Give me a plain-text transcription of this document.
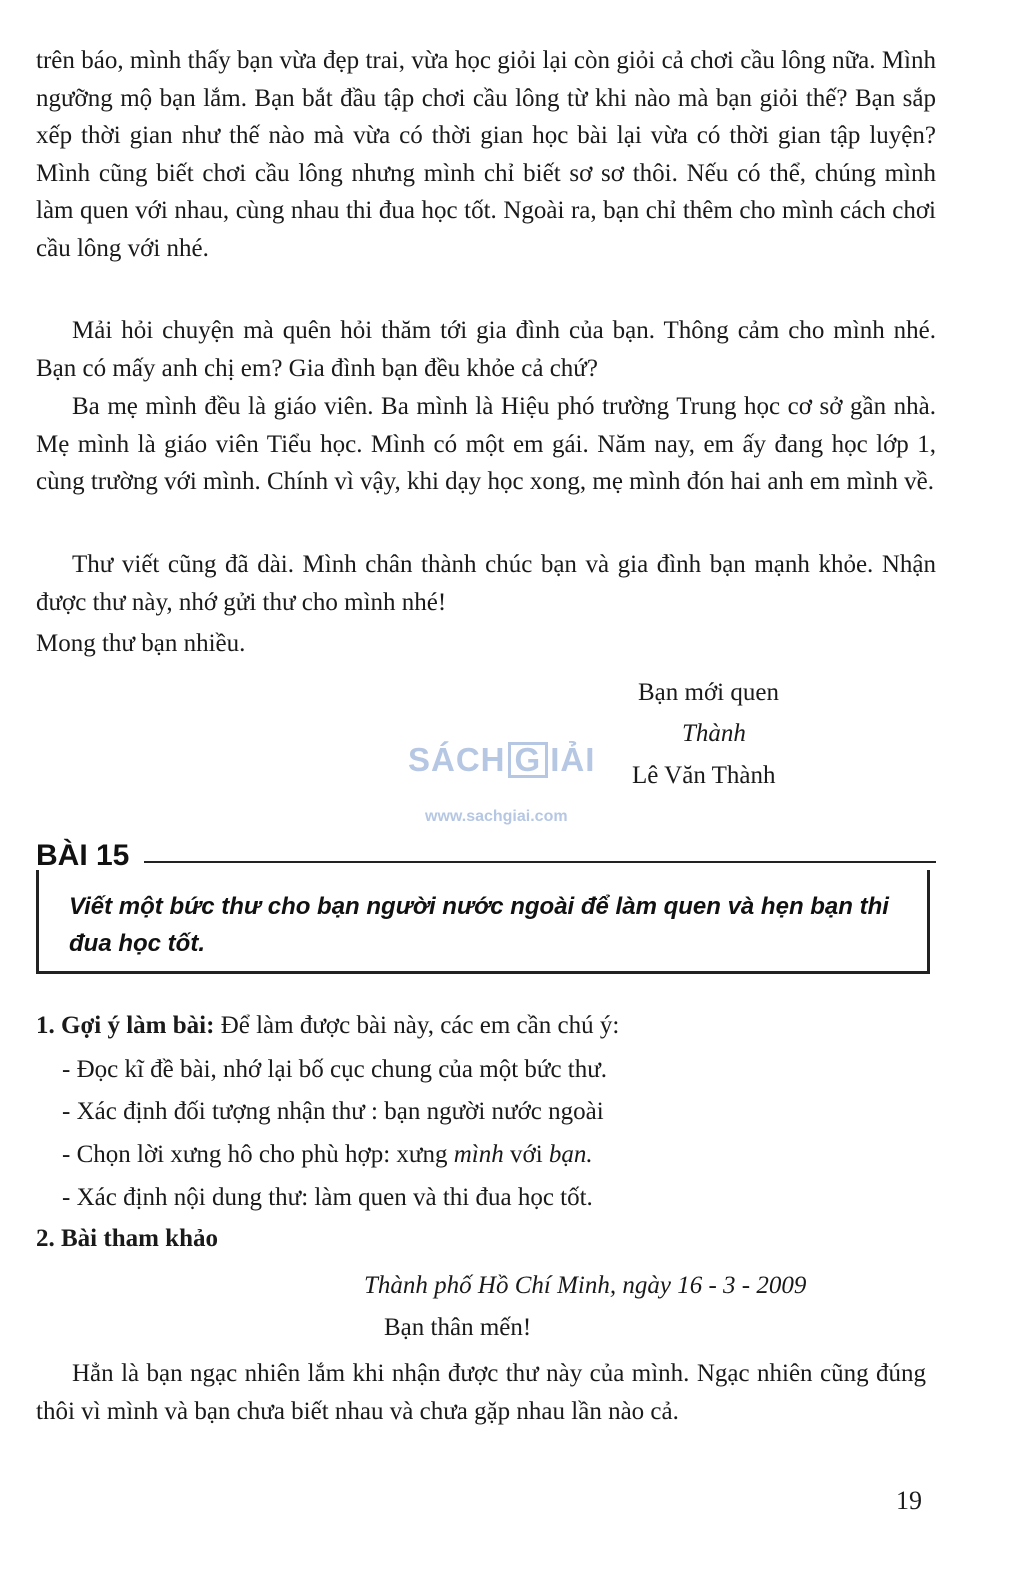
trên báo, mình thấy bạn vừa đẹp trai, vừa học giỏi lại còn giỏi cả chơi cầu lông nữa. Mình ngưỡng mộ bạn lắm. Bạn bắt đầu tập chơi cầu lông từ khi nào mà bạn giỏi thế? Bạn sắp xếp thời gian như thế nào mà vừa có thời gian học bài lại vừa có thời gian tập luyện? Mình cũng biết chơi cầu lông nhưng mình chỉ biết sơ sơ thôi. Nếu có thể, chúng mình làm quen với nhau, cùng nhau thi đua học tốt. Ngoài ra, bạn chỉ thêm cho mình cách chơi cầu lông với nhé.

Mải hỏi chuyện mà quên hỏi thăm tới gia đình của bạn. Thông cảm cho mình nhé. Bạn có mấy anh chị em? Gia đình bạn đều khỏe cả chứ?

Ba mẹ mình đều là giáo viên. Ba mình là Hiệu phó trường Trung học cơ sở gần nhà. Mẹ mình là giáo viên Tiểu học. Mình có một em gái. Năm nay, em ấy đang học lớp 1, cùng trường với mình. Chính vì vậy, khi dạy học xong, mẹ mình đón hai anh em mình về.

Thư viết cũng đã dài. Mình chân thành chúc bạn và gia đình bạn mạnh khỏe. Nhận được thư này, nhớ gửi thư cho mình nhé!

Mong thư bạn nhiều.

Bạn mới quen

Thành

Lê Văn Thành

SÁCH G IẢI
www.sachgiai.com
BÀI 15
Viết một bức thư cho bạn người nước ngoài để làm quen và hẹn bạn thi đua học tốt.

1. Gợi ý làm bài: Để làm được bài này, các em cần chú ý:

- Đọc kĩ đề bài, nhớ lại bố cục chung của một bức thư.

- Xác định đối tượng nhận thư : bạn người nước ngoài

- Chọn lời xưng hô cho phù hợp: xưng mình với bạn.

- Xác định nội dung thư: làm quen và thi đua học tốt.

2. Bài tham khảo

Thành phố Hồ Chí Minh, ngày 16 - 3 - 2009

Bạn thân mến!

Hẳn là bạn ngạc nhiên lắm khi nhận được thư này của mình. Ngạc nhiên cũng đúng thôi vì mình và bạn chưa biết nhau và chưa gặp nhau lần nào cả.

19
